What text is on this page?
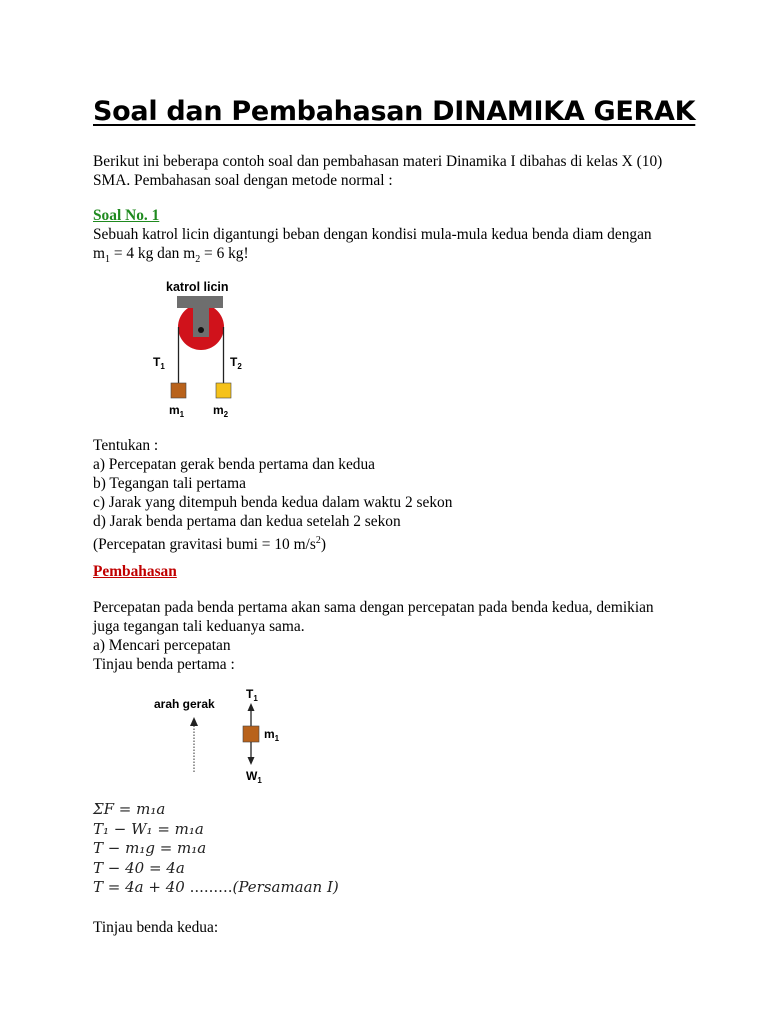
Soal dan Pembahasan DINAMIKA GERAK

Berikut ini beberapa contoh soal dan pembahasan materi Dinamika I dibahas di kelas X (10)
SMA. Pembahasan soal dengan metode normal :

Soal No. 1
Sebuah katrol licin digantungi beban dengan kondisi mula-mula kedua benda diam dengan
$m_1 = 4$ kg dan $m_2 = 6$ kg!

katrol licin
$T_1$	$T_2$
$m_1$ $m_2$

Tentukan :
a) Percepatan gerak benda pertama dan kedua
b) Tegangan tali pertama
c) Jarak yang ditempuh benda kedua dalam waktu 2 sekon
d) Jarak benda pertama dan kedua setelah 2 sekon
(Percepatan gravitasi bumi = 10 $m/s^2$)

Pembahasan

Percepatan pada benda pertama akan sama dengan percepatan pada benda kedua, demikian
juga tegangan tali keduanya sama.
a) Mencari percepatan
Tinjau benda pertama :

arah gerak
$T_1$
$m_1$
$W_1$
ΣF = m₁a
T₁ − W₁ = m₁a
T − m₁g = m₁a
T − 40 = 4a
T = 4a + 40 .........(Persamaan I)

Tinjau benda kedua:
